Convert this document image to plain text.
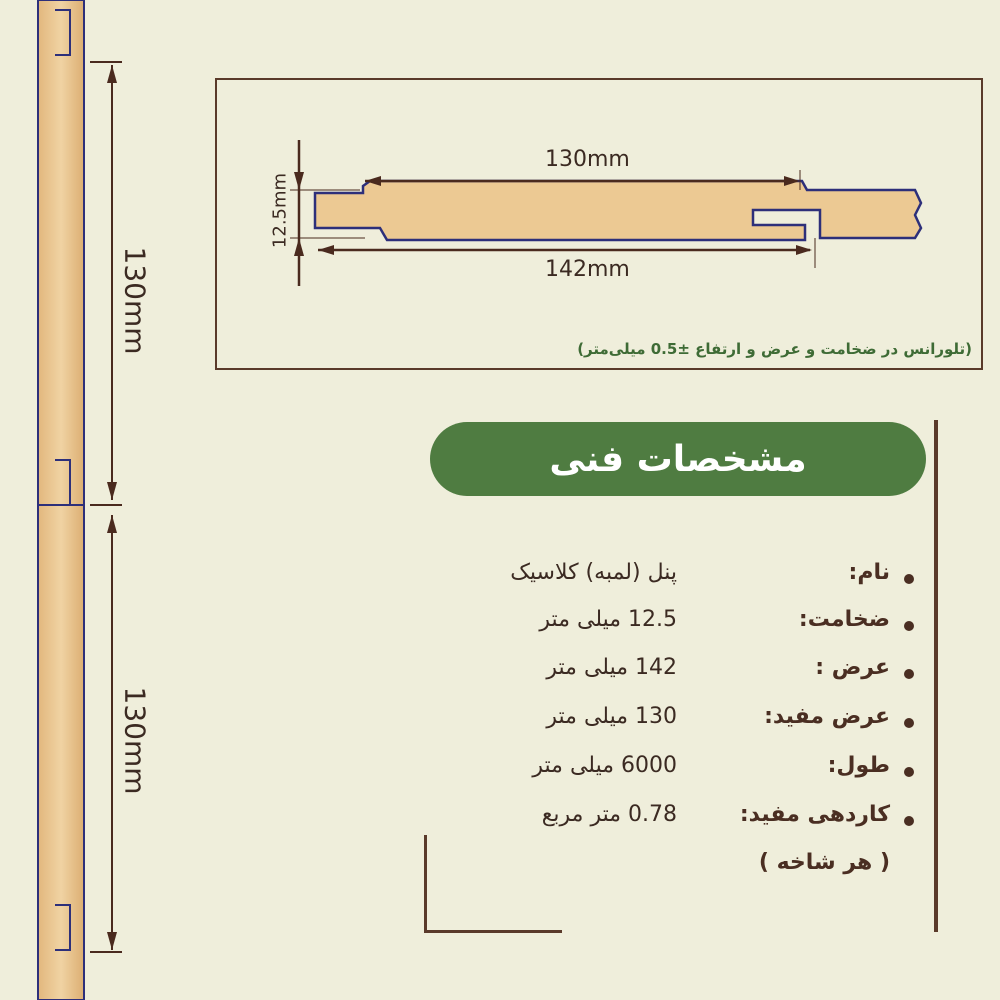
130mm
130mm
130mm
142mm
12.5mm
(تلورانس در ضخامت و عرض و ارتفاع ±0.5 میلی‌متر)
مشخصات فنی
نام:
پنل (لمبه) کلاسیک
ضخامت:
12.5 میلی متر
عرض :
142 میلی متر
عرض مفید:
130 میلی متر
طول:
6000 میلی متر
کاردهی مفید:
0.78 متر مربع
( هر شاخه )
